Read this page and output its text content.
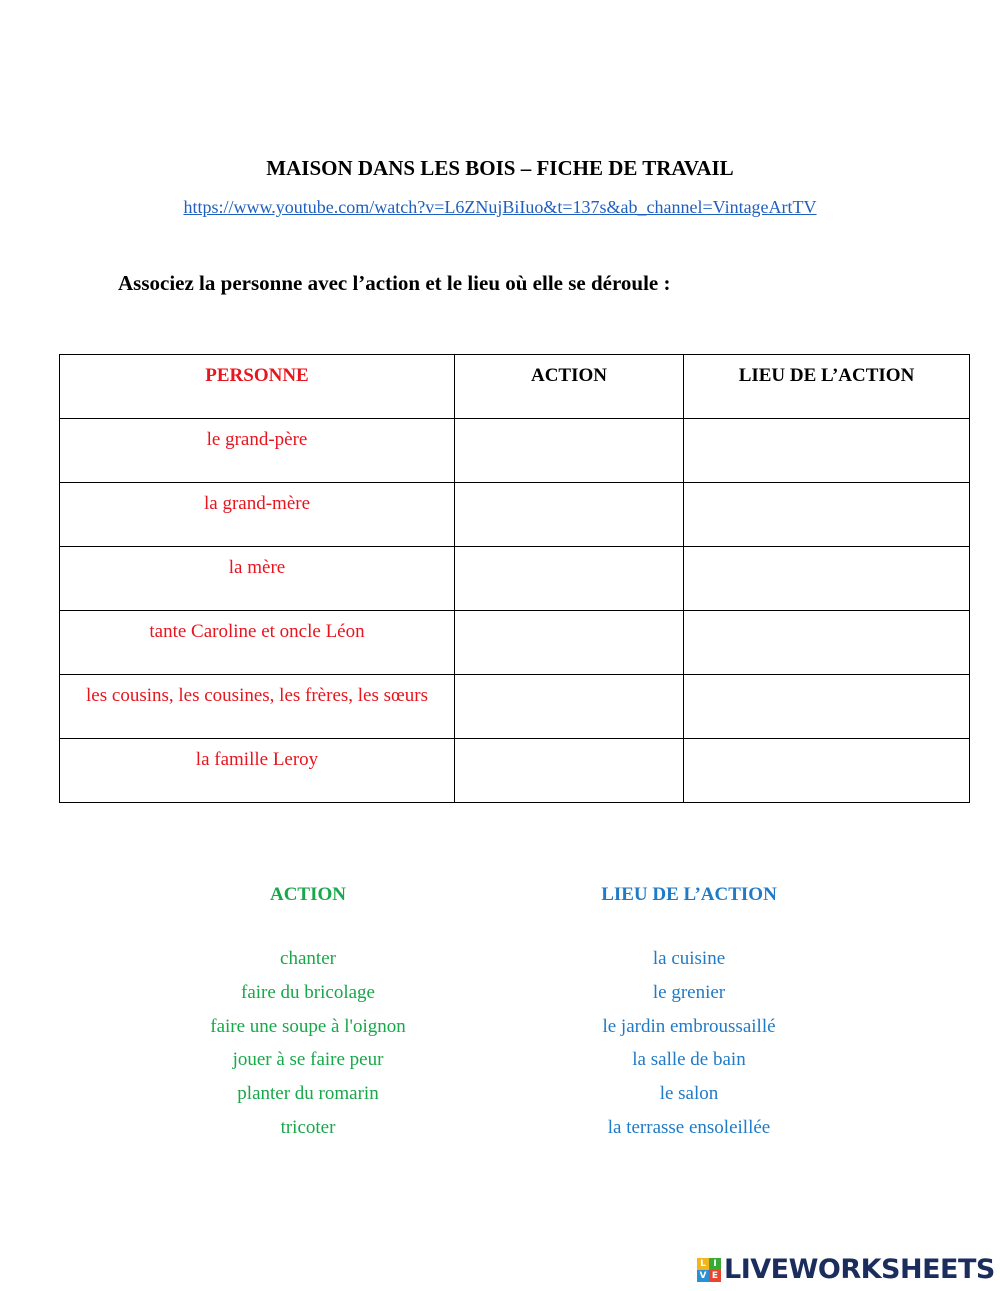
MAISON DANS LES BOIS – FICHE DE TRAVAIL
https://www.youtube.com/watch?v=L6ZNujBiIuo&t=137s&ab_channel=VintageArtTV
Associez la personne avec l’action et le lieu où elle se déroule :
PERSONNE	ACTION	LIEU DE L’ACTION
le grand-père		
la grand-mère		
la mère		
tante Caroline et oncle Léon		
les cousins, les cousines, les frères, les sœurs		
la famille Leroy		
ACTION
chanter
faire du bricolage
faire une soupe à l'oignon
jouer à se faire peur
planter du romarin
tricoter
LIEU DE L’ACTION
la cuisine
le grenier
le jardin embroussaillé
la salle de bain
le salon
la terrasse ensoleillée
L I
V E LIVEWORKSHEETS
